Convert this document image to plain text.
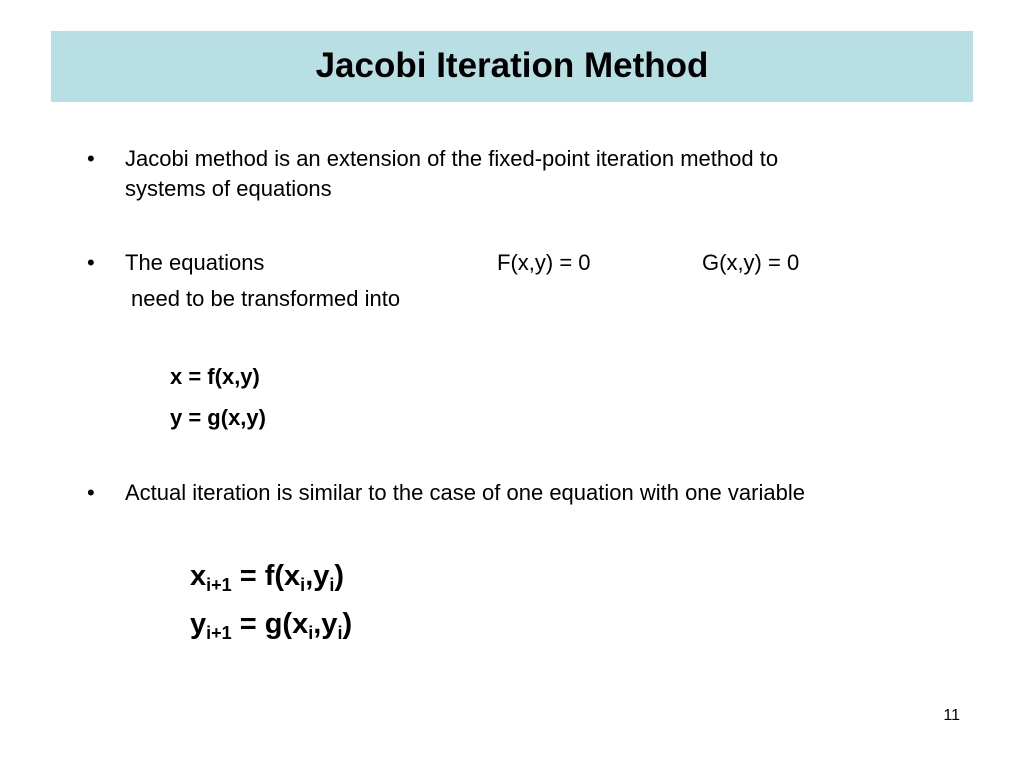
Jacobi Iteration Method
• Jacobi method is an extension of the fixed-point iteration method to
systems of equations
• The equations	F(x,y) = 0	G(x,y) = 0
need to be transformed into
x = f(x,y)
y = g(x,y)
• Actual iteration is similar to the case of one equation with one variable
$x_{i+1} = f(x_i,y_i)$
$y_{i+1} = g(x_i,y_i)$
11
